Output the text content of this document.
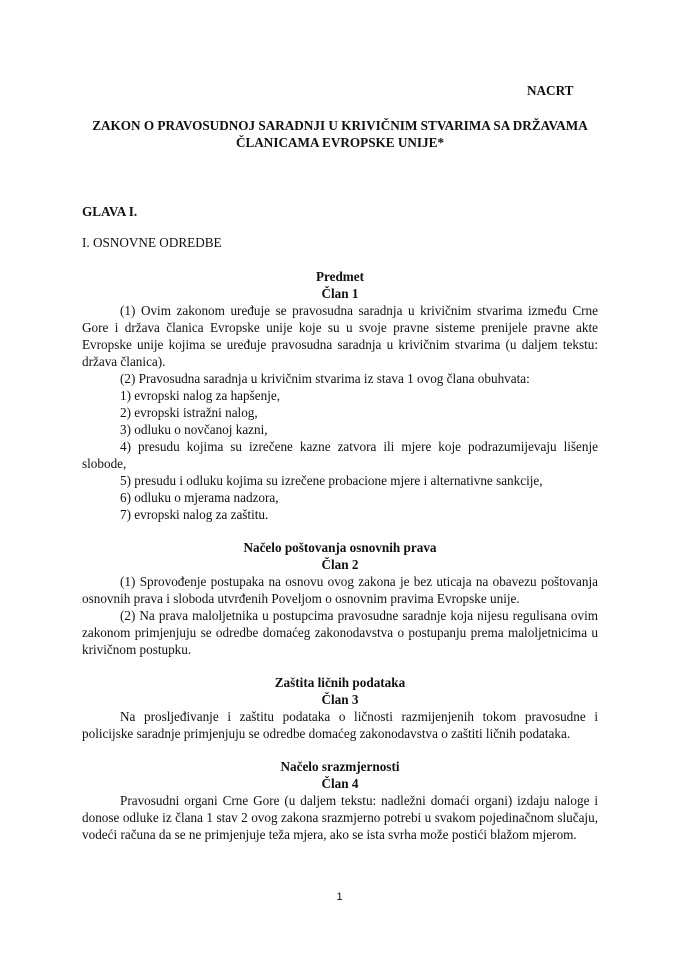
NACRT
ZAKON O PRAVOSUDNOJ SARADNJI U KRIVIČNIM STVARIMA SA DRŽAVAMA
ČLANICAMA EVROPSKE UNIJE*
GLAVA I.
I. OSNOVNE ODREDBE
Predmet
Član 1

(1) Ovim zakonom uređuje se pravosudna saradnja u krivičnim stvarima između Crne Gore i država članica Evropske unije koje su u svoje pravne sisteme prenijele pravne akte Evropske unije kojima se uređuje pravosudna saradnja u krivičnim stvarima (u daljem tekstu: država članica).

(2) Pravosudna saradnja u krivičnim stvarima iz stava 1 ovog člana obuhvata:

1) evropski nalog za hapšenje,
2) evropski istražni nalog,
3) odluku o novčanoj kazni,

4) presudu kojima su izrečene kazne zatvora ili mjere koje podrazumijevaju lišenje slobode,

5) presudu i odluku kojima su izrečene probacione mjere i alternativne sankcije,
6) odluku o mjerama nadzora,
7) evropski nalog za zaštitu.
Načelo poštovanja osnovnih prava
Član 2

(1) Sprovođenje postupaka na osnovu ovog zakona je bez uticaja na obavezu poštovanja osnovnih prava i sloboda utvrđenih Poveljom o osnovnim pravima Evropske unije.

(2) Na prava maloljetnika u postupcima pravosudne saradnje koja nijesu regulisana ovim zakonom primjenjuju se odredbe domaćeg zakonodavstva o postupanju prema maloljetnicima u krivičnom postupku.

Zaštita ličnih podataka
Član 3

Na prosljeđivanje i zaštitu podataka o ličnosti razmijenjenih tokom pravosudne i policijske saradnje primjenjuju se odredbe domaćeg zakonodavstva o zaštiti ličnih podataka.

Načelo srazmjernosti
Član 4

Pravosudni organi Crne Gore (u daljem tekstu: nadležni domaći organi) izdaju naloge i donose odluke iz člana 1 stav 2 ovog zakona srazmjerno potrebi u svakom pojedinačnom slučaju, vodeći računa da se ne primjenjuje teža mjera, ako se ista svrha može postići blažom mjerom.

1
